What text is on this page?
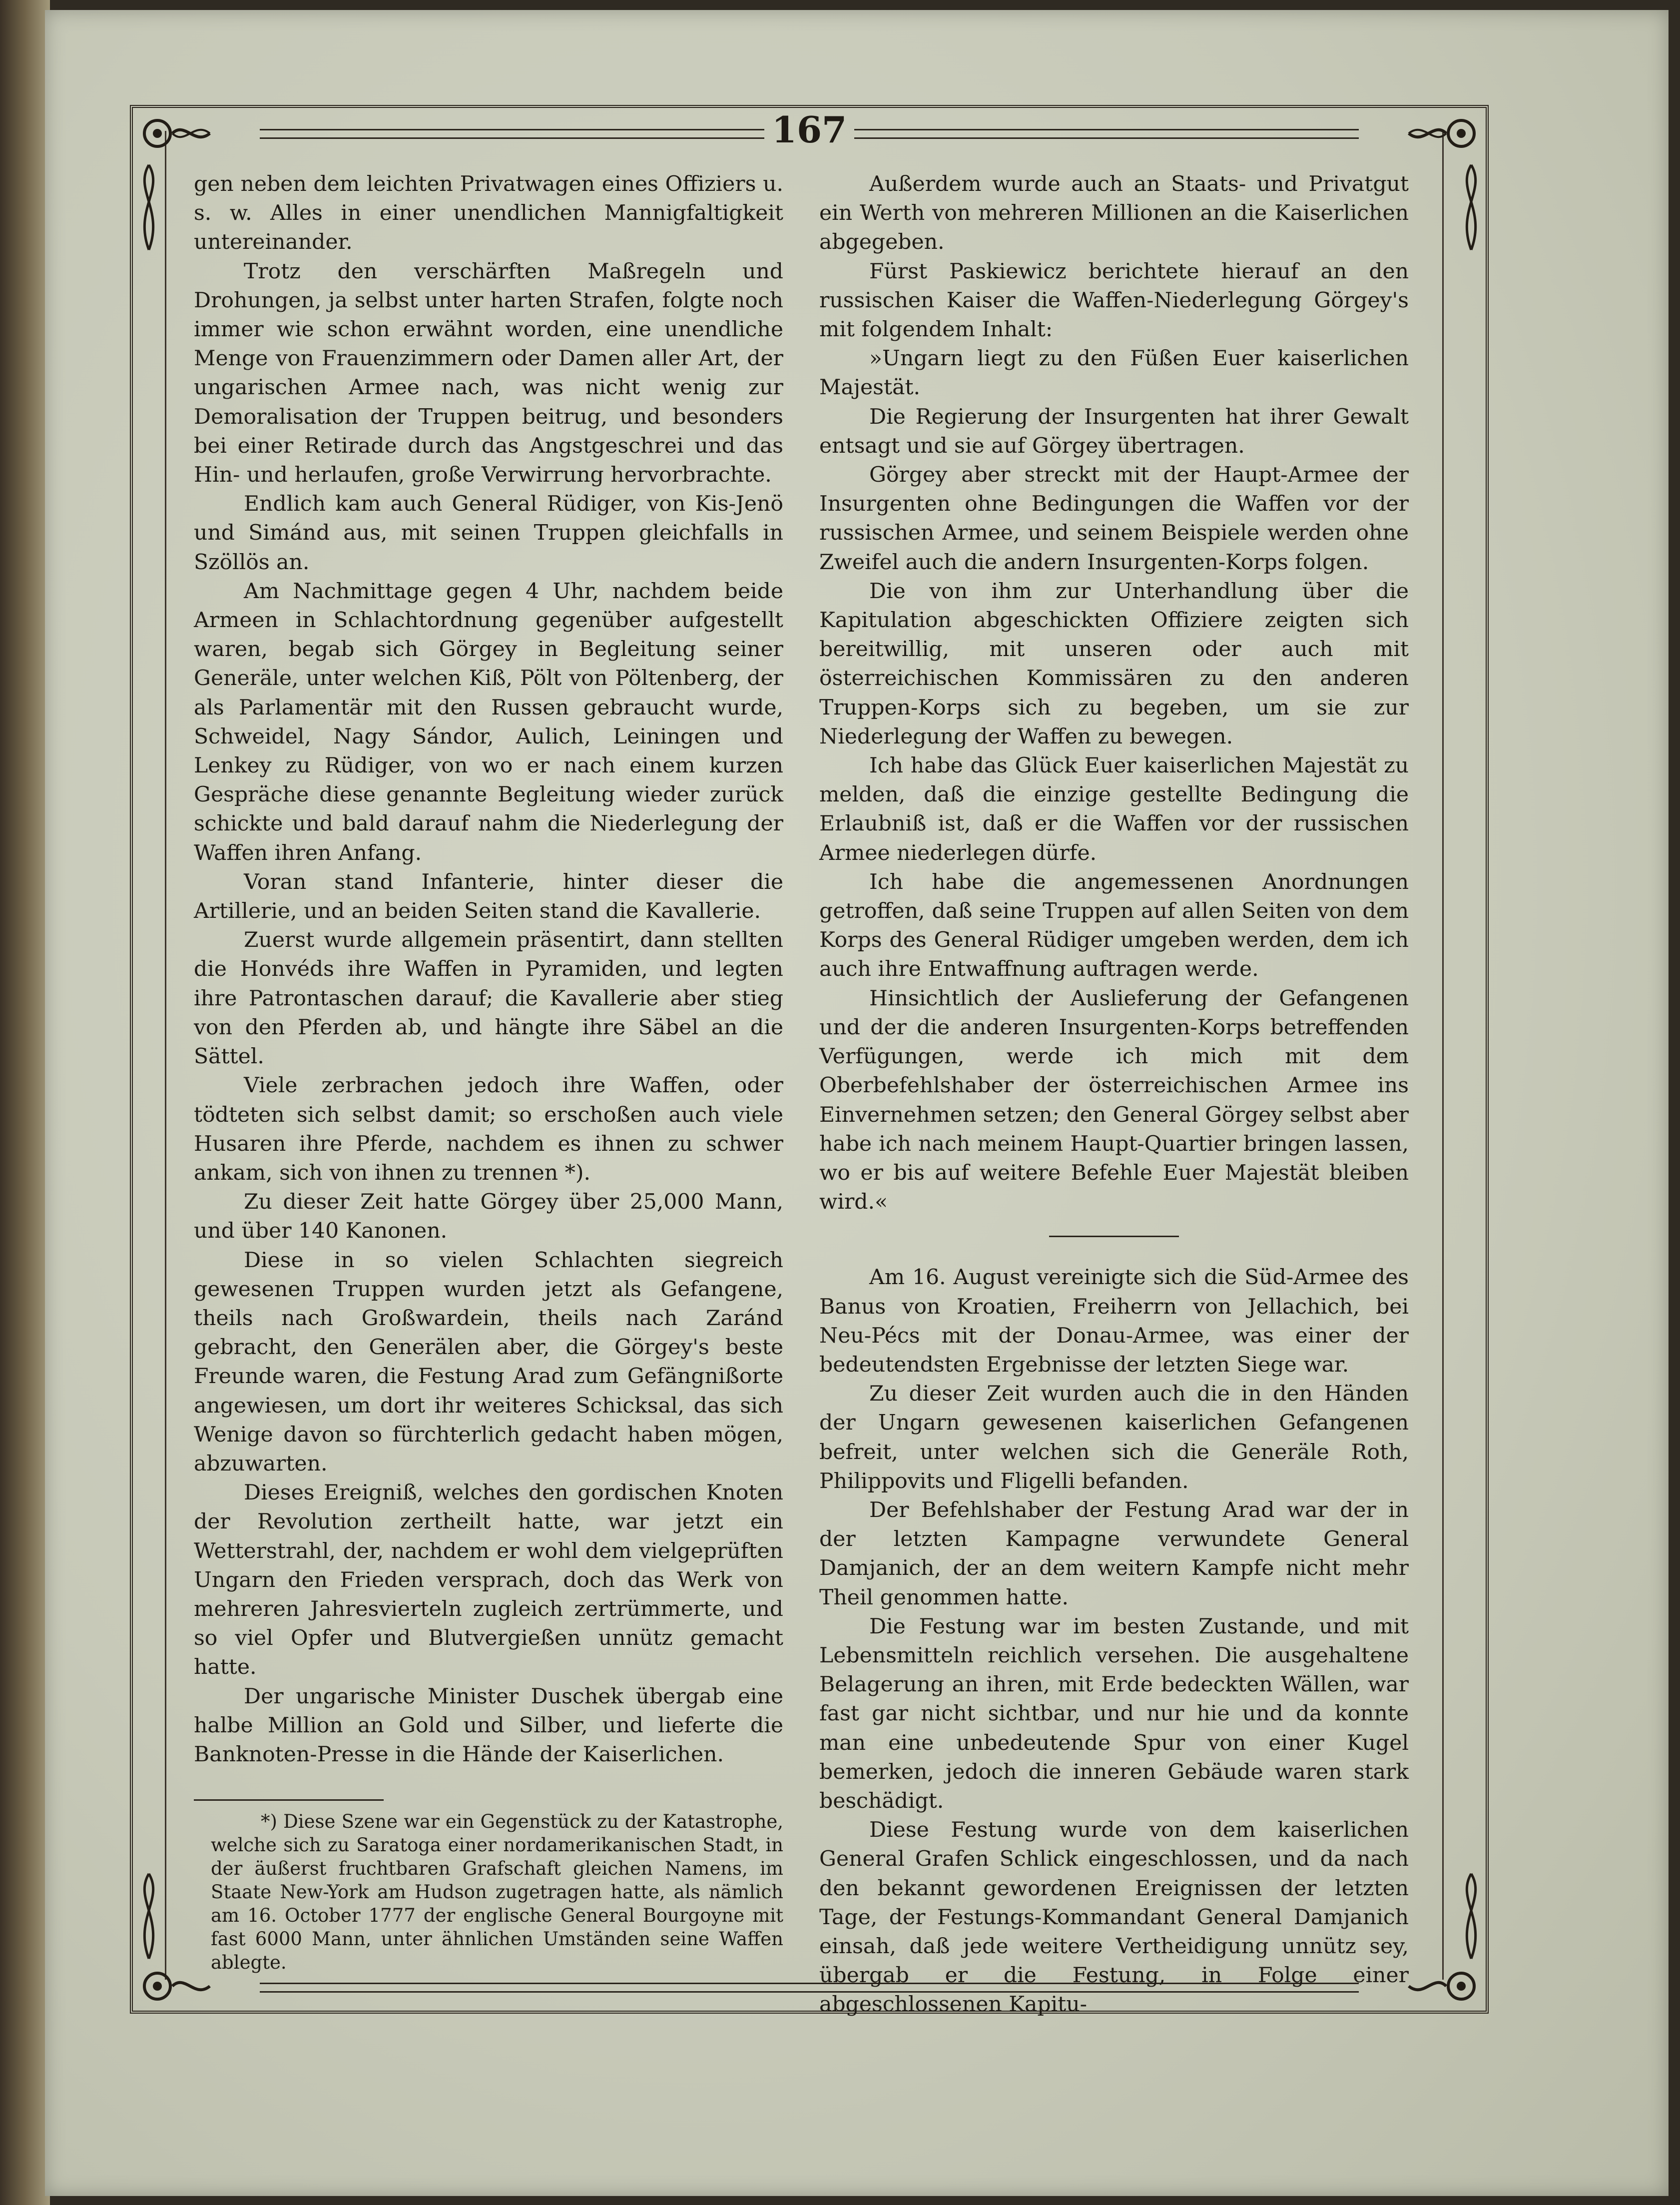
167

gen neben dem leichten Privatwagen eines Offiziers u. s. w. Alles in einer unendlichen Mannigfaltigkeit untereinander.

Trotz den verschärften Maßregeln und Drohungen, ja selbst unter harten Strafen, folgte noch immer wie schon erwähnt worden, eine unendliche Menge von Frauenzimmern oder Damen aller Art, der ungarischen Armee nach, was nicht wenig zur Demoralisation der Truppen beitrug, und besonders bei einer Retirade durch das Angstgeschrei und das Hin- und herlaufen, große Verwirrung hervorbrachte.

Endlich kam auch General Rüdiger, von Kis-Jenö und Simánd aus, mit seinen Truppen gleichfalls in Szöllös an.

Am Nachmittage gegen 4 Uhr, nachdem beide Armeen in Schlachtordnung gegenüber aufgestellt waren, begab sich Görgey in Begleitung seiner Generäle, unter welchen Kiß, Pölt von Pöltenberg, der als Parlamentär mit den Russen gebraucht wurde, Schweidel, Nagy Sándor, Aulich, Leiningen und Lenkey zu Rüdiger, von wo er nach einem kurzen Gespräche diese genannte Begleitung wieder zurück schickte und bald darauf nahm die Niederlegung der Waffen ihren Anfang.

Voran stand Infanterie, hinter dieser die Artillerie, und an beiden Seiten stand die Kavallerie.

Zuerst wurde allgemein präsentirt, dann stellten die Honvéds ihre Waffen in Pyramiden, und legten ihre Patrontaschen darauf; die Kavallerie aber stieg von den Pferden ab, und hängte ihre Säbel an die Sättel.

Viele zerbrachen jedoch ihre Waffen, oder tödteten sich selbst damit; so erschoßen auch viele Husaren ihre Pferde, nachdem es ihnen zu schwer ankam, sich von ihnen zu trennen *).

Zu dieser Zeit hatte Görgey über 25,000 Mann, und über 140 Kanonen.

Diese in so vielen Schlachten siegreich gewesenen Truppen wurden jetzt als Gefangene, theils nach Großwardein, theils nach Zaránd gebracht, den Generälen aber, die Görgey's beste Freunde waren, die Festung Arad zum Gefängnißorte angewiesen, um dort ihr weiteres Schicksal, das sich Wenige davon so fürchterlich gedacht haben mögen, abzuwarten.

Dieses Ereigniß, welches den gordischen Knoten der Revolution zertheilt hatte, war jetzt ein Wetterstrahl, der, nachdem er wohl dem vielgeprüften Ungarn den Frieden versprach, doch das Werk von mehreren Jahresvierteln zugleich zertrümmerte, und so viel Opfer und Blutvergießen unnütz gemacht hatte.

Der ungarische Minister Duschek übergab eine halbe Million an Gold und Silber, und lieferte die Banknoten-Presse in die Hände der Kaiserlichen.

*) Diese Szene war ein Gegenstück zu der Katastrophe, welche sich zu Saratoga einer nordamerikanischen Stadt, in der äußerst fruchtbaren Grafschaft gleichen Namens, im Staate New-York am Hudson zugetragen hatte, als nämlich am 16. October 1777 der englische General Bourgoyne mit fast 6000 Mann, unter ähnlichen Umständen seine Waffen ablegte.

Außerdem wurde auch an Staats- und Privatgut ein Werth von mehreren Millionen an die Kaiserlichen abgegeben.

Fürst Paskiewicz berichtete hierauf an den russischen Kaiser die Waffen-Niederlegung Görgey's mit folgendem Inhalt:

»Ungarn liegt zu den Füßen Euer kaiserlichen Majestät.

Die Regierung der Insurgenten hat ihrer Gewalt entsagt und sie auf Görgey übertragen.

Görgey aber streckt mit der Haupt-Armee der Insurgenten ohne Bedingungen die Waffen vor der russischen Armee, und seinem Beispiele werden ohne Zweifel auch die andern Insurgenten-Korps folgen.

Die von ihm zur Unterhandlung über die Kapitulation abgeschickten Offiziere zeigten sich bereitwillig, mit unseren oder auch mit österreichischen Kommissären zu den anderen Truppen-Korps sich zu begeben, um sie zur Niederlegung der Waffen zu bewegen.

Ich habe das Glück Euer kaiserlichen Majestät zu melden, daß die einzige gestellte Bedingung die Erlaubniß ist, daß er die Waffen vor der russischen Armee niederlegen dürfe.

Ich habe die angemessenen Anordnungen getroffen, daß seine Truppen auf allen Seiten von dem Korps des General Rüdiger umgeben werden, dem ich auch ihre Entwaffnung auftragen werde.

Hinsichtlich der Auslieferung der Gefangenen und der die anderen Insurgenten-Korps betreffenden Verfügungen, werde ich mich mit dem Oberbefehlshaber der österreichischen Armee ins Einvernehmen setzen; den General Görgey selbst aber habe ich nach meinem Haupt-Quartier bringen lassen, wo er bis auf weitere Befehle Euer Majestät bleiben wird.«

Am 16. August vereinigte sich die Süd-Armee des Banus von Kroatien, Freiherrn von Jellachich, bei Neu-Pécs mit der Donau-Armee, was einer der bedeutendsten Ergebnisse der letzten Siege war.

Zu dieser Zeit wurden auch die in den Händen der Ungarn gewesenen kaiserlichen Gefangenen befreit, unter welchen sich die Generäle Roth, Philippovits und Fligelli befanden.

Der Befehlshaber der Festung Arad war der in der letzten Kampagne verwundete General Damjanich, der an dem weitern Kampfe nicht mehr Theil genommen hatte.

Die Festung war im besten Zustande, und mit Lebensmitteln reichlich versehen. Die ausgehaltene Belagerung an ihren, mit Erde bedeckten Wällen, war fast gar nicht sichtbar, und nur hie und da konnte man eine unbedeutende Spur von einer Kugel bemerken, jedoch die inneren Gebäude waren stark beschädigt.

Diese Festung wurde von dem kaiserlichen General Grafen Schlick eingeschlossen, und da nach den bekannt gewordenen Ereignissen der letzten Tage, der Festungs-Kommandant General Damjanich einsah, daß jede weitere Vertheidigung unnütz sey, übergab er die Festung, in Folge einer abgeschlossenen Kapitu-
